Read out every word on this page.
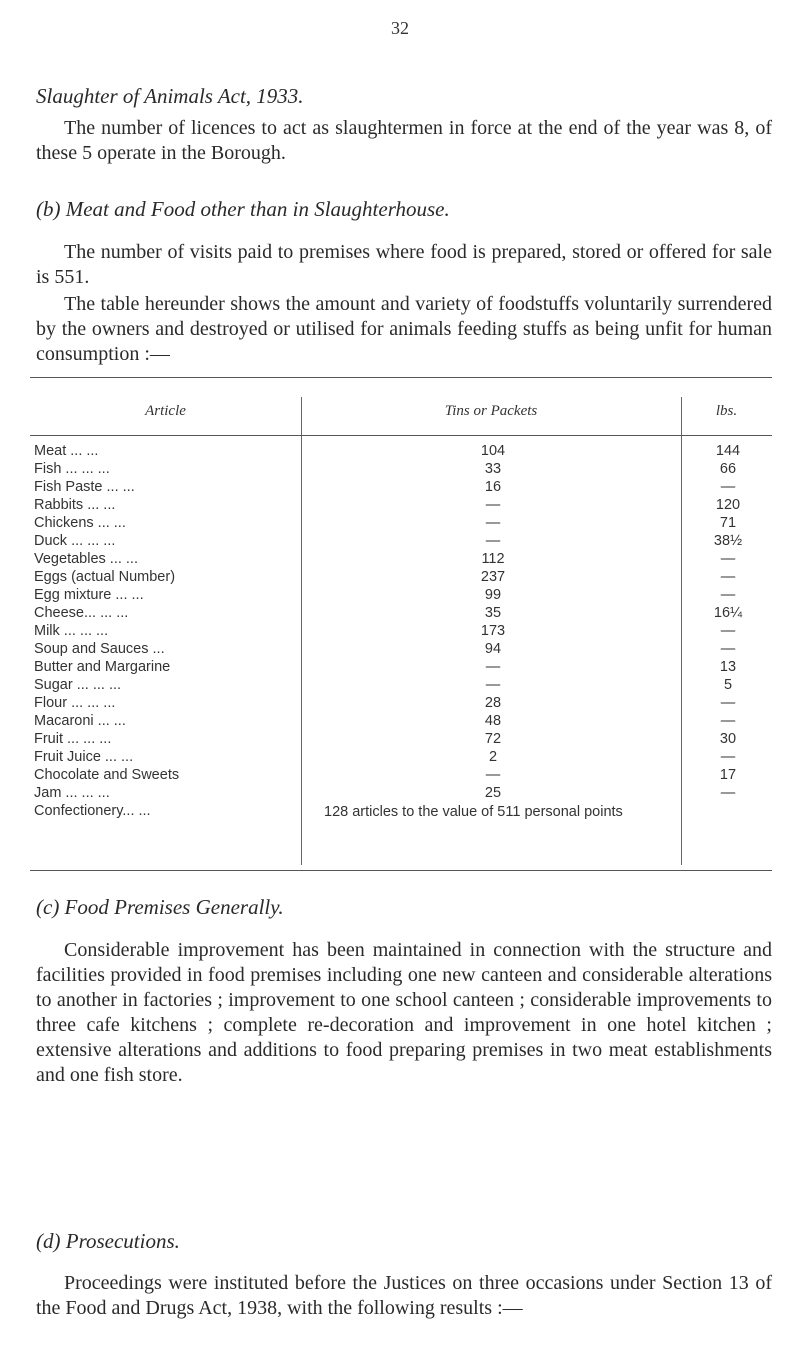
32
Slaughter of Animals Act, 1933.

The number of licences to act as slaughtermen in force at the end of the year was 8, of these 5 operate in the Borough.

(b) Meat and Food other than in Slaughterhouse.

The number of visits paid to premises where food is prepared, stored or offered for sale is 551.

The table hereunder shows the amount and variety of foodstuffs voluntarily surrendered by the owners and destroyed or utilised for animals feeding stuffs as being unfit for human consumption :—

Article	Tins or Packets	lbs.
Meat ... ...	104	144
Fish ... ... ...	33	66
Fish Paste ... ...	16	—
Rabbits ... ...	—	120
Chickens ... ...	—	71
Duck ... ... ...	—	38½
Vegetables ... ...	112	—
Eggs (actual Number)	237	—
Egg mixture ... ...	99	—
Cheese... ... ...	35	16¼
Milk ... ... ...	173	—
Soup and Sauces ...	94	—
Butter and Margarine	—	13
Sugar ... ... ...	—	5
Flour ... ... ...	28	—
Macaroni ... ...	48	—
Fruit ... ... ...	72	30
Fruit Juice ... ...	2	—
Chocolate and Sweets	—	17
Jam ... ... ...	25	—
Confectionery... ...	128 articles to the value of 511 personal points
(c) Food Premises Generally.

Considerable improvement has been maintained in connection with the structure and facilities provided in food premises including one new canteen and considerable alterations to another in factories ; improvement to one school canteen ; considerable improvements to three cafe kitchens ; complete re-decoration and improvement in one hotel kitchen ; extensive alterations and additions to food preparing premises in two meat establishments and one fish store.

(d) Prosecutions.

Proceedings were instituted before the Justices on three occasions under Section 13 of the Food and Drugs Act, 1938, with the following results :—
